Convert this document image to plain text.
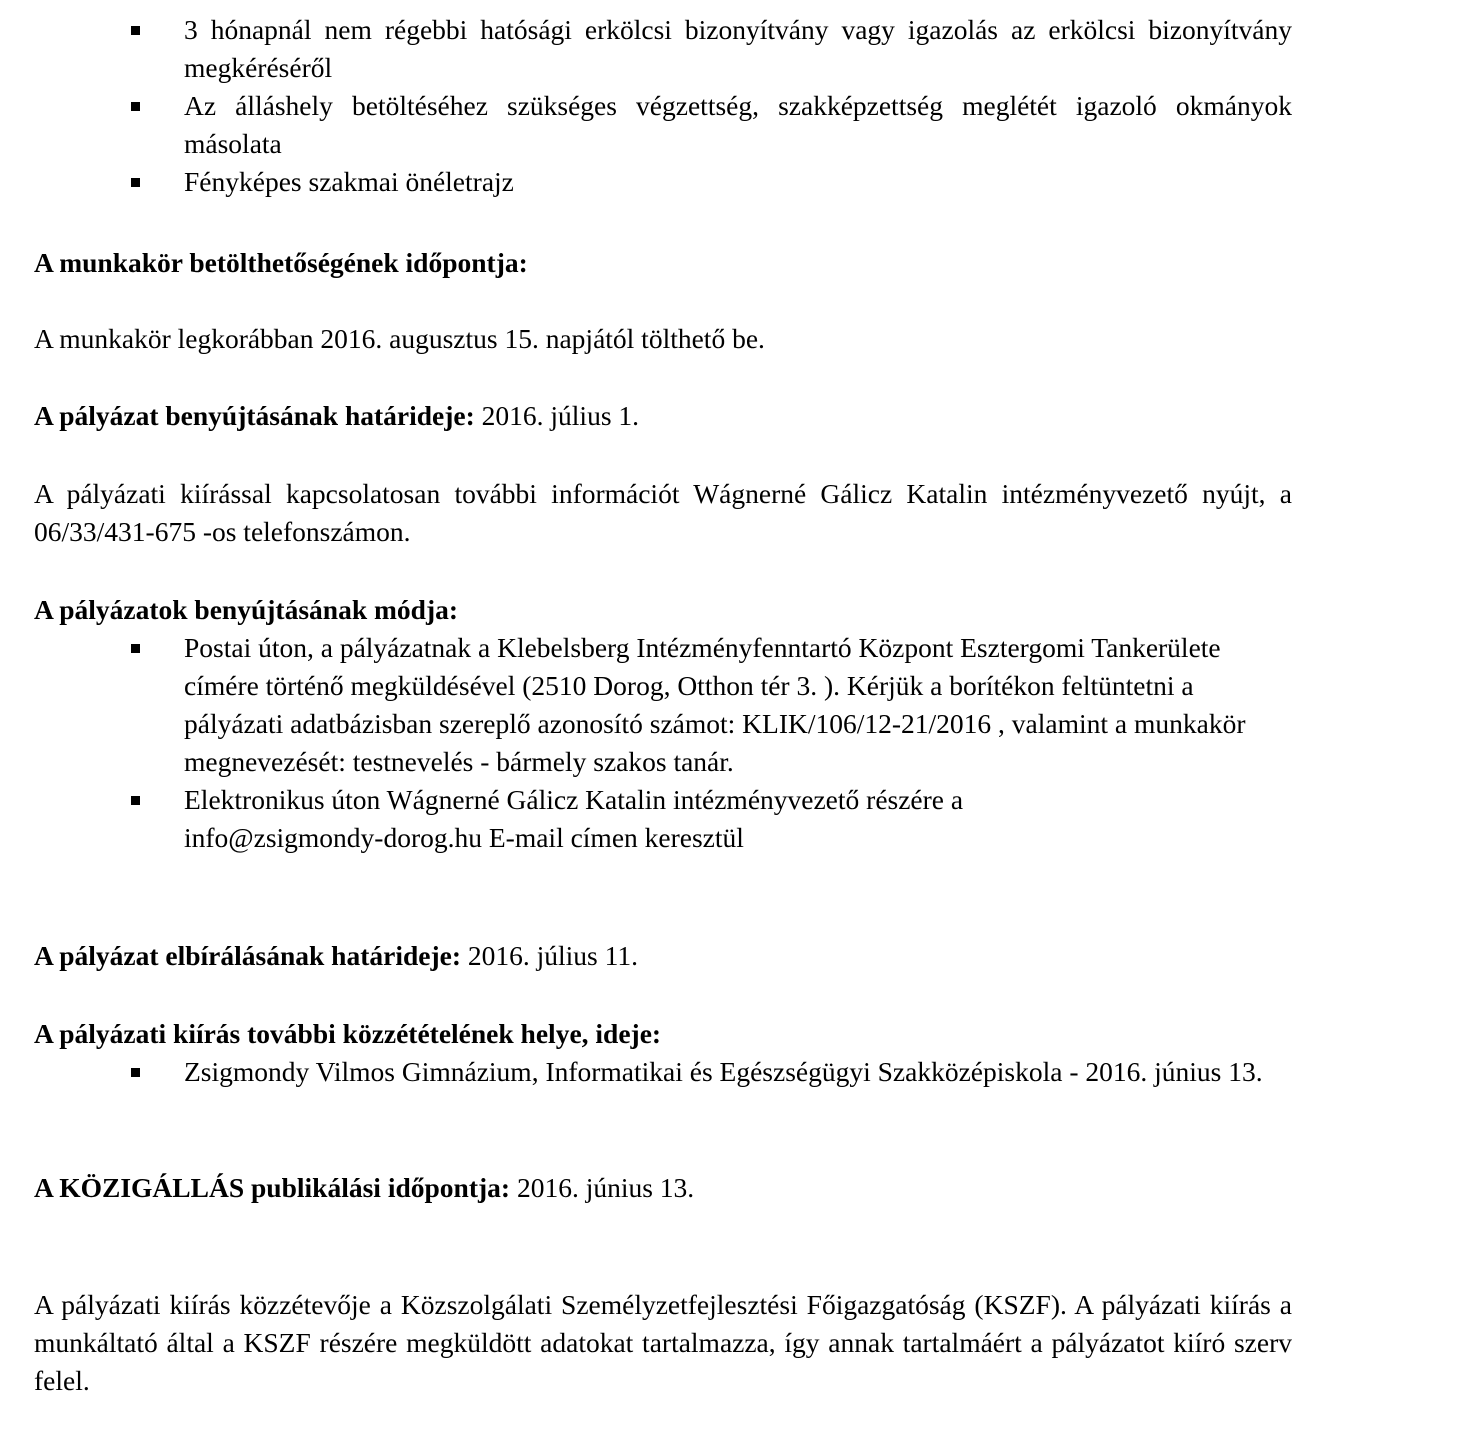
3 hónapnál nem régebbi hatósági erkölcsi bizonyítvány vagy igazolás az erkölcsi bizonyítvány megkéréséről
Az álláshely betöltéséhez szükséges végzettség, szakképzettség meglétét igazoló okmányok másolata
Fényképes szakmai önéletrajz

A munkakör betölthetőségének időpontja:

A munkakör legkorábban 2016. augusztus 15. napjától tölthető be.

A pályázat benyújtásának határideje: 2016. július 1.

A pályázati kiírással kapcsolatosan további információt Wágnerné Gálicz Katalin intézményvezető nyújt, a 06/33/431-675 -os telefonszámon.

A pályázatok benyújtásának módja:

Postai úton, a pályázatnak a Klebelsberg Intézményfenntartó Központ Esztergomi Tankerülete címére történő megküldésével (2510 Dorog, Otthon tér 3. ). Kérjük a borítékon feltüntetni a pályázati adatbázisban szereplő azonosító számot: KLIK/106/12-21/2016 , valamint a munkakör megnevezését: testnevelés - bármely szakos tanár.
Elektronikus úton Wágnerné Gálicz Katalin intézményvezető részére a info@zsigmondy-dorog.hu E-mail címen keresztül

A pályázat elbírálásának határideje: 2016. július 11.

A pályázati kiírás további közzétételének helye, ideje:

Zsigmondy Vilmos Gimnázium, Informatikai és Egészségügyi Szakközépiskola - 2016. június 13.

A KÖZIGÁLLÁS publikálási időpontja: 2016. június 13.

A pályázati kiírás közzétevője a Közszolgálati Személyzetfejlesztési Főigazgatóság (KSZF). A pályázati kiírás a munkáltató által a KSZF részére megküldött adatokat tartalmazza, így annak tartalmáért a pályázatot kiíró szerv felel.
